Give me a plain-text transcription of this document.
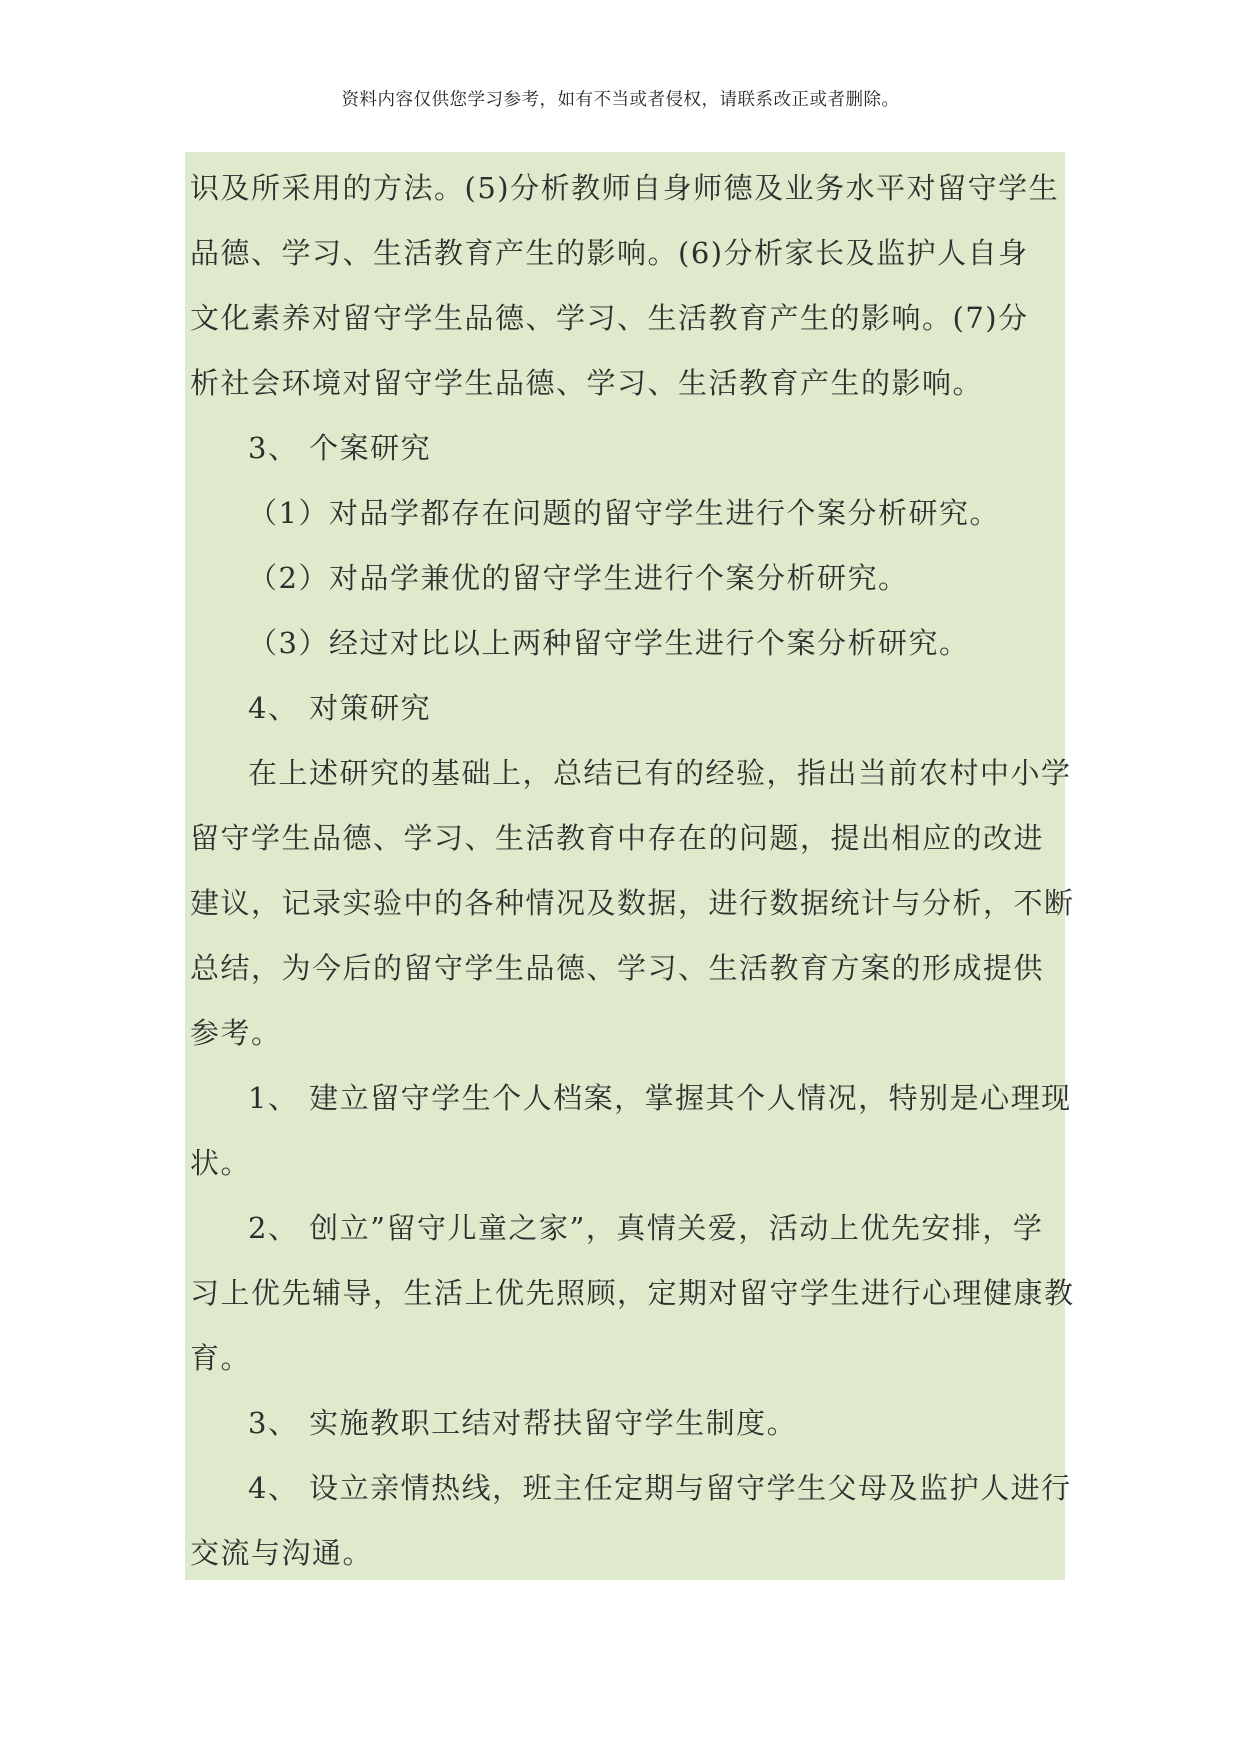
资料内容仅供您学习参考，如有不当或者侵权，请联系改正或者删除。
识及所采用的方法。(5)分析教师自身师德及业务水平对留守学生
品德、学习、生活教育产生的影响。(6)分析家长及监护人自身
文化素养对留守学生品德、学习、生活教育产生的影响。(7)分
析社会环境对留守学生品德、学习、生活教育产生的影响。
3、 个案研究
（1）对品学都存在问题的留守学生进行个案分析研究。
（2）对品学兼优的留守学生进行个案分析研究。
（3）经过对比以上两种留守学生进行个案分析研究。
4、 对策研究
在上述研究的基础上，总结已有的经验，指出当前农村中小学
留守学生品德、学习、生活教育中存在的问题，提出相应的改进
建议，记录实验中的各种情况及数据，进行数据统计与分析，不断
总结，为今后的留守学生品德、学习、生活教育方案的形成提供
参考。
1、 建立留守学生个人档案，掌握其个人情况，特别是心理现
状。
2、 创立”留守儿童之家”，真情关爱，活动上优先安排，学
习上优先辅导，生活上优先照顾，定期对留守学生进行心理健康教
育。
3、 实施教职工结对帮扶留守学生制度。
4、 设立亲情热线，班主任定期与留守学生父母及监护人进行
交流与沟通。
